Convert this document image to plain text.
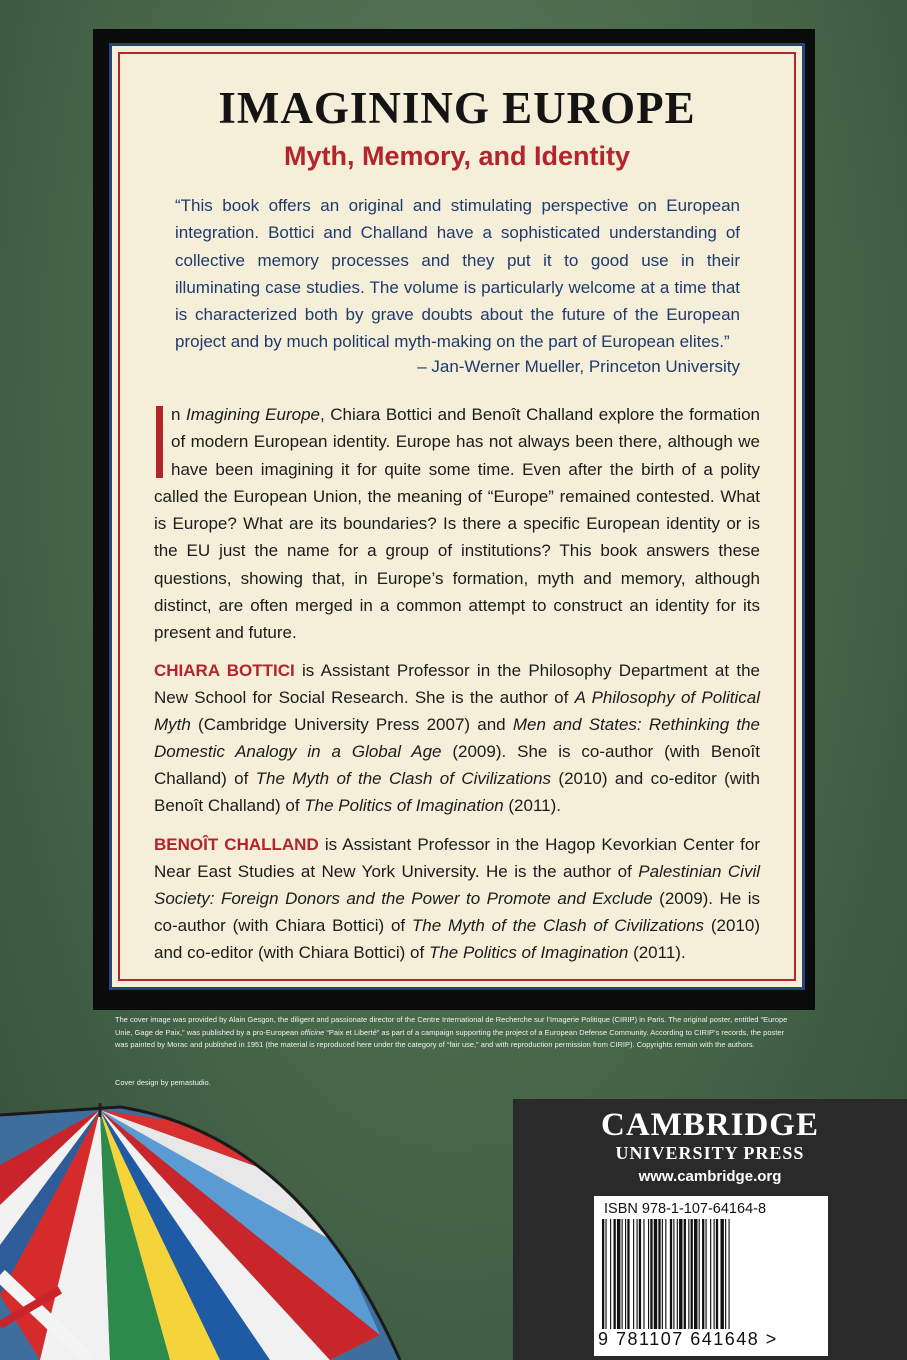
IMAGINING EUROPE
Myth, Memory, and Identity

“This book offers an original and stimulating perspective on European integration. Bottici and Challand have a sophisticated understanding of collective memory processes and they put it to good use in their illuminating case studies. The volume is particularly welcome at a time that is characterized both by grave doubts about the future of the European project and by much political myth-making on the part of European elites.”

– Jan-Werner Mueller, Princeton University

n Imagining Europe, Chiara Bottici and Benoît Challand explore the formation of modern European identity. Europe has not always been there, although we have been imagining it for quite some time. Even after the birth of a polity called the European Union, the meaning of “Europe” remained contested. What is Europe? What are its boundaries? Is there a specific European identity or is the EU just the name for a group of institutions? This book answers these questions, showing that, in Europe’s formation, myth and memory, although distinct, are often merged in a common attempt to construct an identity for its present and future.

CHIARA BOTTICI is Assistant Professor in the Philosophy Department at the New School for Social Research. She is the author of A Philosophy of Political Myth (Cambridge University Press 2007) and Men and States: Rethinking the Domestic Analogy in a Global Age (2009). She is co-author (with Benoît Challand) of The Myth of the Clash of Civilizations (2010) and co-editor (with Benoît Challand) of The Politics of Imagination (2011).

BENOÎT CHALLAND is Assistant Professor in the Hagop Kevorkian Center for Near East Studies at New York University. He is the author of Palestinian Civil Society: Foreign Donors and the Power to Promote and Exclude (2009). He is co-author (with Chiara Bottici) of The Myth of the Clash of Civilizations (2010) and co-editor (with Chiara Bottici) of The Politics of Imagination (2011).

The cover image was provided by Alain Gesgon, the diligent and passionate director of the Centre International de Recherche sur l’Imagerie Politique (CIRIP) in Paris. The original poster, entitled “Europe Unie, Gage de Paix,” was published by a pro-European officine “Paix et Liberté” as part of a campaign supporting the project of a European Defense Community. According to CIRIP’s records, the poster was painted by Morac and published in 1951 (the material is reproduced here under the category of “fair use,” and with reproduction permission from CIRIP). Copyrights remain with the authors.

Cover design by pemastudio.

CAMBRIDGE

UNIVERSITY PRESS

www.cambridge.org

ISBN 978-1-107-64164-8

9 781107 641648 >
